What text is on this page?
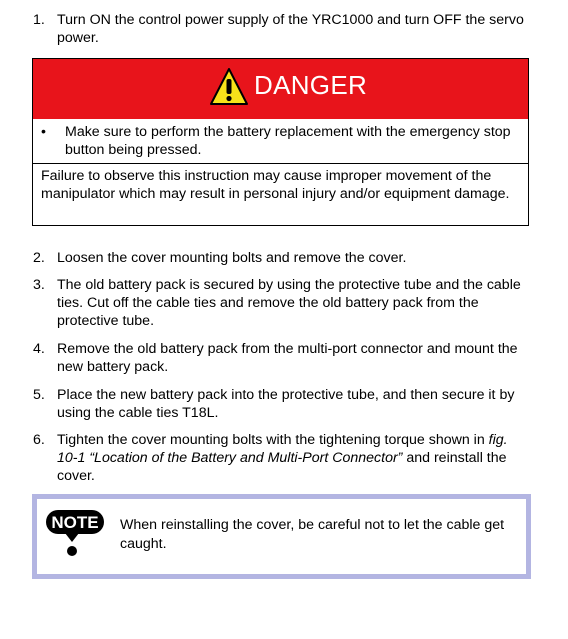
1. Turn ON the control power supply of the YRC1000 and turn OFF the servo power.
DANGER
• Make sure to perform the battery replacement with the emergency stop button being pressed.
Failure to observe this instruction may cause improper movement of the manipulator which may result in personal injury and/or equipment damage.
2. Loosen the cover mounting bolts and remove the cover.
3. The old battery pack is secured by using the protective tube and the cable ties. Cut off the cable ties and remove the old battery pack from the protective tube.
4. Remove the old battery pack from the multi-port connector and mount the new battery pack.
5. Place the new battery pack into the protective tube, and then secure it by using the cable ties T18L.
6. Tighten the cover mounting bolts with the tightening torque shown in fig. 10-1 “Location of the Battery and Multi-Port Connector” and reinstall the cover.
NOTE When reinstalling the cover, be careful not to let the cable get caught.
